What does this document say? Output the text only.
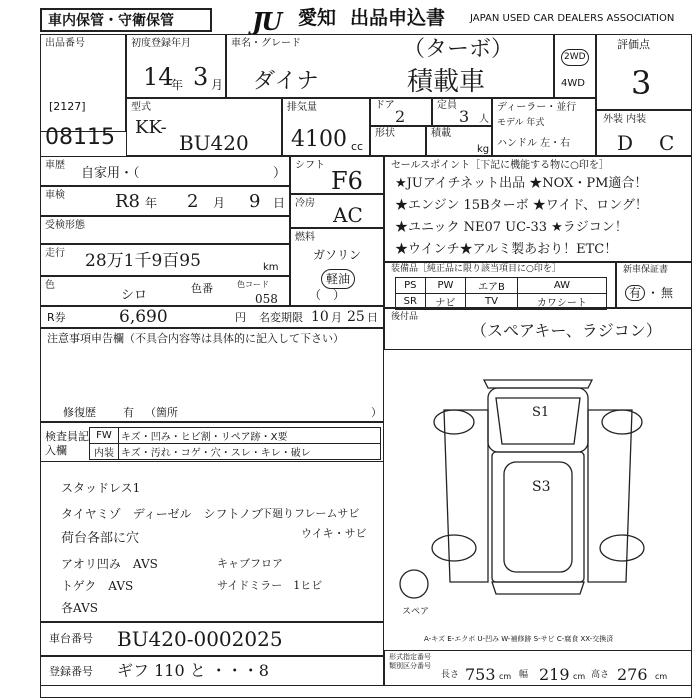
車内保管・守衛保管	JU 愛知 出品申込書 JAPAN USED CAR DEALERS ASSOCIATION
出品番号
[2127]
08115
初度登録年月
14
年 3 月
車名・グレード
ダイナ
（ターボ）
積載車
2WD
4WD
評価点
3
外装 内装
D C
型式
KK-
BU420
排気量
4100 cc
ドア
2
定員
3 人
形状	積載
kg
ディーラー・並行
モデル 年式
ハンドル 左・右
車歴
自家用・（	）
車検	R8 年 2 月 9 日
受検形態
走行 28万1千9百95	km
色
シロ	色番	色コード
058
シフト
F6
冷房 AC
燃料
ガソリン
軽油
（　）
セールスポイント［下記に機能する物に○印を］
★JUアイチネット出品 ★NOX・PM適合！
★エンジン 15Bターボ ★ワイド、ロング！
★ユニック NE07 UC-33 ★ラジコン！
★ウインチ★アルミ製あおり！ETC！
装備品［純正品に限り該当項目に○印を］
PS	PW	エアB	AW
SR	ナビ	TV	カワシート
新車保証書
有 ・ 無
R券	6,690	円 名変期限 10 月 25 日 後付品
（スペアキー、ラジコン）
注意事項申告欄（不具合内容等は具体的に記入して下さい）
修復歴 有 （箇所	）
検査員記入欄
FW	キズ・凹み・ヒビ割・リペア跡・X要
内装	キズ・汚れ・コゲ・穴・スレ・キレ・破レ
スタッドレス1
タイヤミゾ　ディーゼル　シフトノブ
荷台各部に穴
アオリ凹み　AVS
トゲク　AVS
各AVS
下廻りフレームサビ
ウイキ・サビ
キャブフロア
サイドミラー　1ヒビ
S1
S3
スペア
A-キズ E-エクボ U-凹み W-補修跡 S-サビ C-腐食 XX-交換済
車台番号 BU420-0002025
登録番号 ギフ 110 と ・・・8
形式指定番号 類別区分番号
長さ 753 cm 幅 219 cm 高さ 276 cm
